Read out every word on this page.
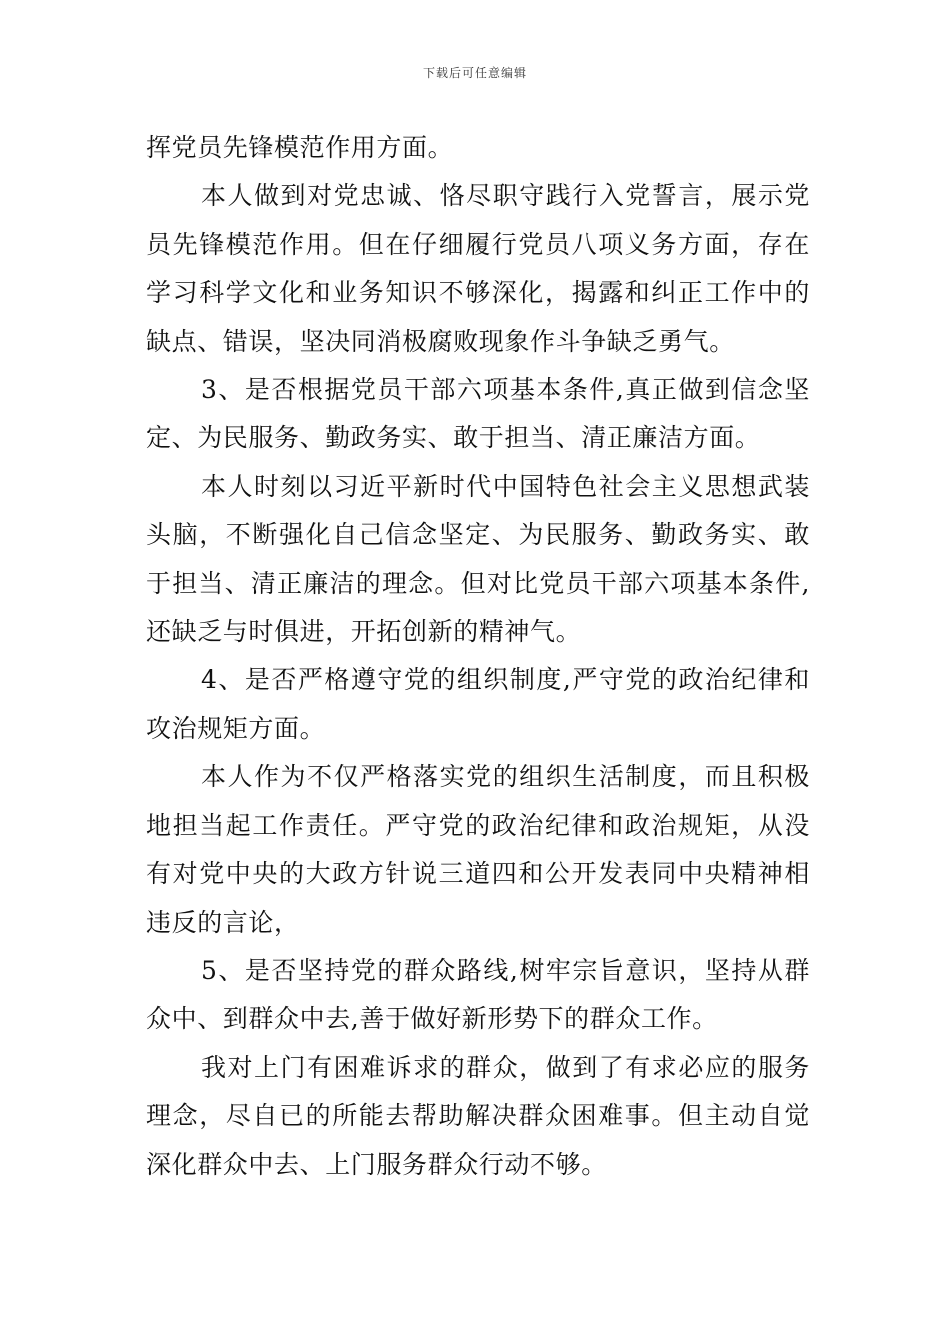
下载后可任意编辑

挥党员先锋模范作用方面。

本人做到对党忠诚、恪尽职守践行入党誓言，展示党员先锋模范作用。但在仔细履行党员八项义务方面，存在学习科学文化和业务知识不够深化，揭露和纠正工作中的缺点、错误，坚决同消极腐败现象作斗争缺乏勇气。

3、是否根据党员干部六项基本条件,真正做到信念坚定、为民服务、勤政务实、敢于担当、清正廉洁方面。

本人时刻以习近平新时代中国特色社会主义思想武装头脑，不断强化自己信念坚定、为民服务、勤政务实、敢于担当、清正廉洁的理念。但对比党员干部六项基本条件,还缺乏与时俱进，开拓创新的精神气。

4、是否严格遵守党的组织制度,严守党的政治纪律和攻治规矩方面。

本人作为不仅严格落实党的组织生活制度，而且积极地担当起工作责任。严守党的政治纪律和政治规矩，从没有对党中央的大政方针说三道四和公开发表同中央精神相违反的言论，

5、是否坚持党的群众路线,树牢宗旨意识，坚持从群众中、到群众中去,善于做好新形势下的群众工作。

我对上门有困难诉求的群众，做到了有求必应的服务理念，尽自已的所能去帮助解决群众困难事。但主动自觉深化群众中去、上门服务群众行动不够。
